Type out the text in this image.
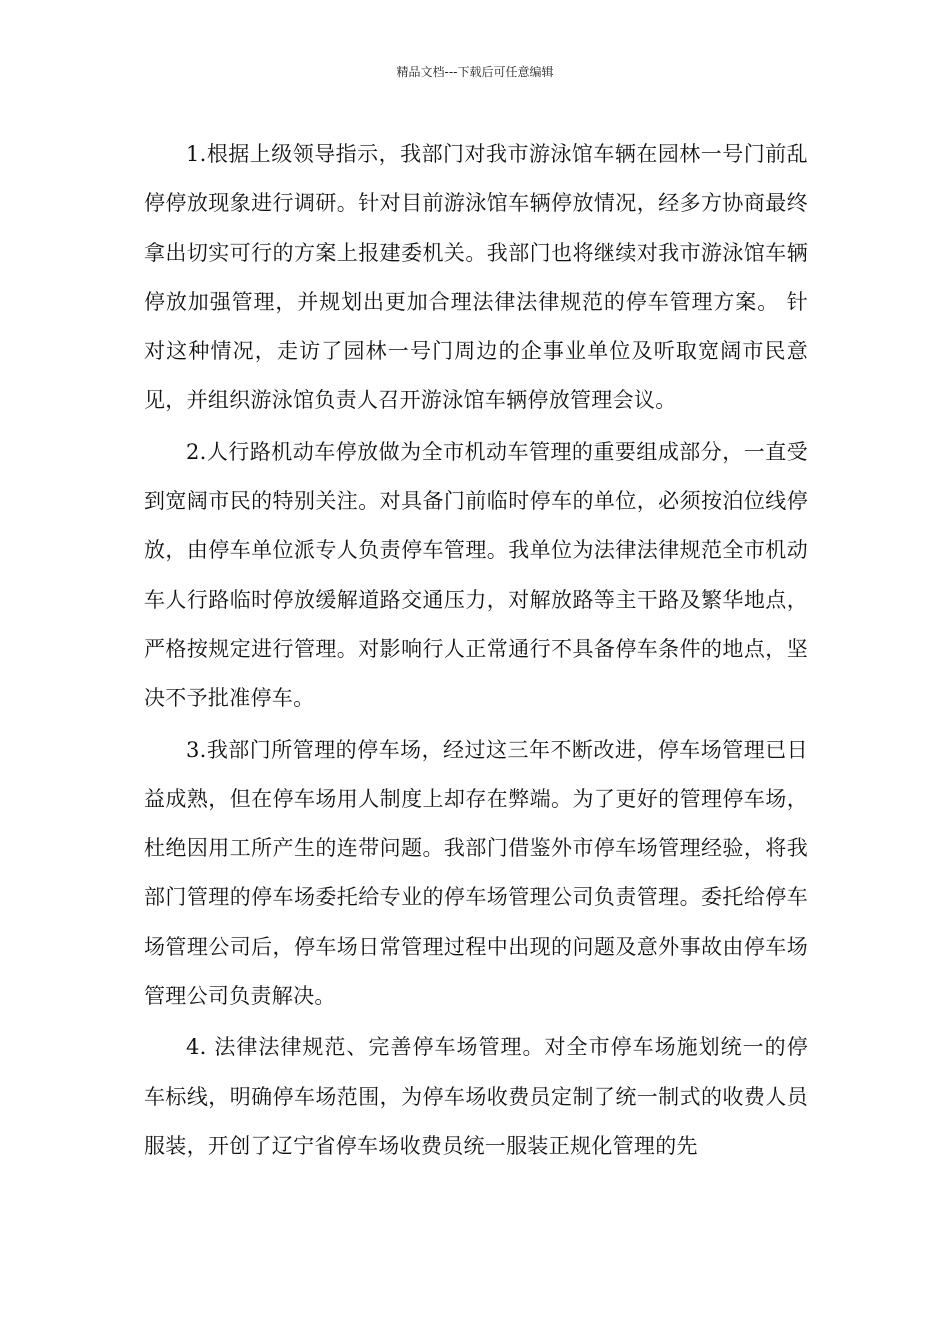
精品文档---下载后可任意编辑

1.根据上级领导指示，我部门对我市游泳馆车辆在园林一号门前乱停停放现象进行调研。针对目前游泳馆车辆停放情况，经多方协商最终拿出切实可行的方案上报建委机关。我部门也将继续对我市游泳馆车辆停放加强管理，并规划出更加合理法律法律规范的停车管理方案。 针对这种情况，走访了园林一号门周边的企事业单位及听取宽阔市民意见，并组织游泳馆负责人召开游泳馆车辆停放管理会议。

2.人行路机动车停放做为全市机动车管理的重要组成部分，一直受到宽阔市民的特别关注。对具备门前临时停车的单位，必须按泊位线停放，由停车单位派专人负责停车管理。我单位为法律法律规范全市机动车人行路临时停放缓解道路交通压力，对解放路等主干路及繁华地点，严格按规定进行管理。对影响行人正常通行不具备停车条件的地点，坚决不予批准停车。

3.我部门所管理的停车场，经过这三年不断改进，停车场管理已日益成熟，但在停车场用人制度上却存在弊端。为了更好的管理停车场，杜绝因用工所产生的连带问题。我部门借鉴外市停车场管理经验，将我部门管理的停车场委托给专业的停车场管理公司负责管理。委托给停车场管理公司后，停车场日常管理过程中出现的问题及意外事故由停车场管理公司负责解决。

4. 法律法律规范、完善停车场管理。对全市停车场施划统一的停车标线，明确停车场范围，为停车场收费员定制了统一制式的收费人员服装，开创了辽宁省停车场收费员统一服装正规化管理的先
